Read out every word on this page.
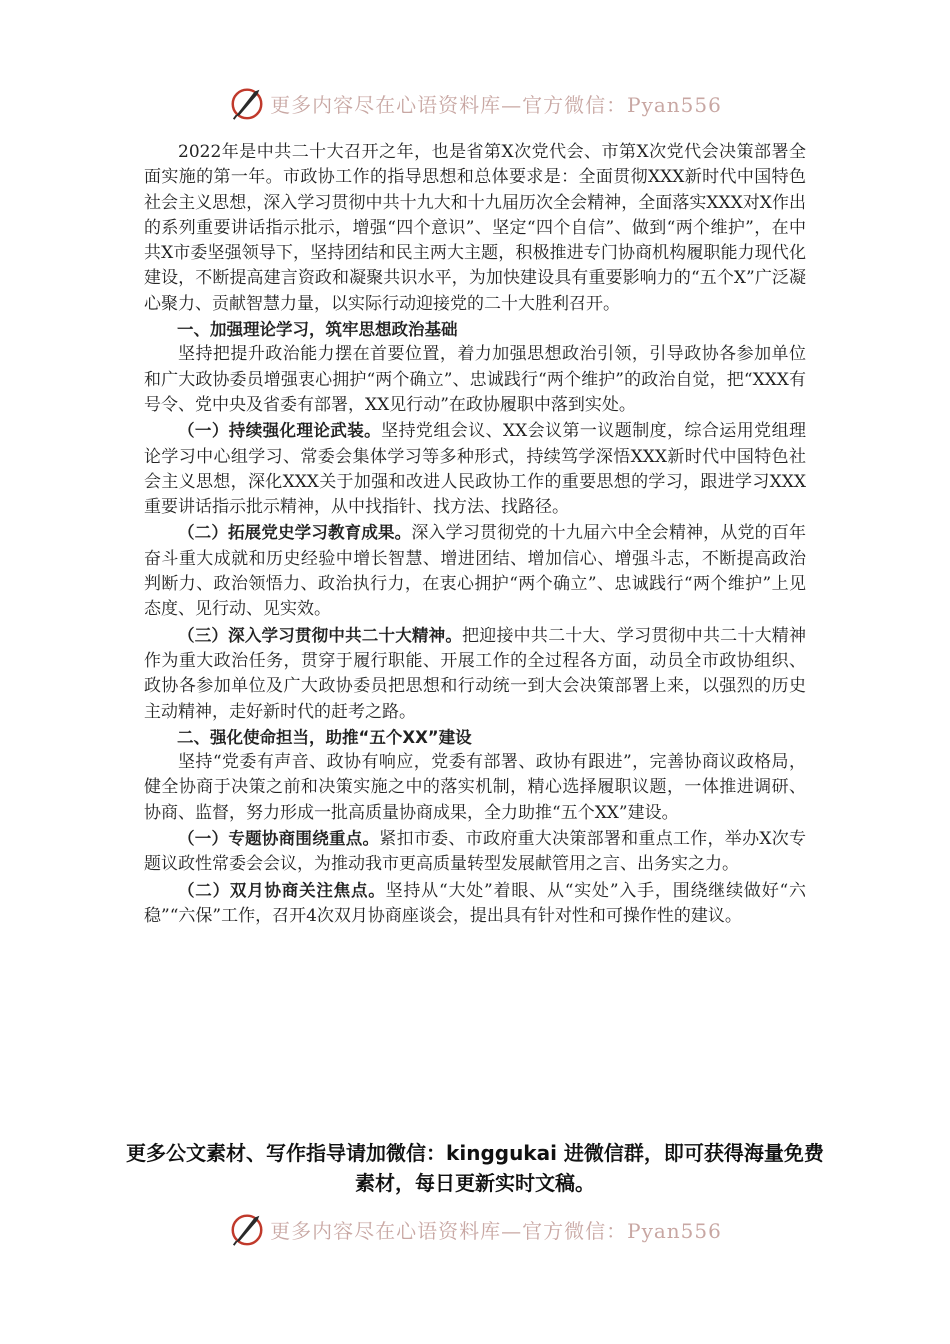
更多内容尽在心语资料库—官方微信：Pyan556

2022年是中共二十大召开之年，也是省第X次党代会、市第X次党代会决策部署全面实施的第一年。市政协工作的指导思想和总体要求是：全面贯彻XXX新时代中国特色社会主义思想，深入学习贯彻中共十九大和十九届历次全会精神，全面落实XXX对X作出的系列重要讲话指示批示，增强“四个意识”、坚定“四个自信”、做到“两个维护”，在中共X市委坚强领导下，坚持团结和民主两大主题，积极推进专门协商机构履职能力现代化建设，不断提高建言资政和凝聚共识水平，为加快建设具有重要影响力的“五个X”广泛凝心聚力、贡献智慧力量，以实际行动迎接党的二十大胜利召开。

一、加强理论学习，筑牢思想政治基础

坚持把提升政治能力摆在首要位置，着力加强思想政治引领，引导政协各参加单位和广大政协委员增强衷心拥护“两个确立”、忠诚践行“两个维护”的政治自觉，把“XXX有号令、党中央及省委有部署，XX见行动”在政协履职中落到实处。

（一）持续强化理论武装。坚持党组会议、XX会议第一议题制度，综合运用党组理论学习中心组学习、常委会集体学习等多种形式，持续笃学深悟XXX新时代中国特色社会主义思想，深化XXX关于加强和改进人民政协工作的重要思想的学习，跟进学习XXX重要讲话指示批示精神，从中找指针、找方法、找路径。

（二）拓展党史学习教育成果。深入学习贯彻党的十九届六中全会精神，从党的百年奋斗重大成就和历史经验中增长智慧、增进团结、增加信心、增强斗志，不断提高政治判断力、政治领悟力、政治执行力，在衷心拥护“两个确立”、忠诚践行“两个维护”上见态度、见行动、见实效。

（三）深入学习贯彻中共二十大精神。把迎接中共二十大、学习贯彻中共二十大精神作为重大政治任务，贯穿于履行职能、开展工作的全过程各方面，动员全市政协组织、政协各参加单位及广大政协委员把思想和行动统一到大会决策部署上来，以强烈的历史主动精神，走好新时代的赶考之路。

二、强化使命担当，助推“五个XX”建设

坚持“党委有声音、政协有响应，党委有部署、政协有跟进”，完善协商议政格局，健全协商于决策之前和决策实施之中的落实机制，精心选择履职议题，一体推进调研、协商、监督，努力形成一批高质量协商成果，全力助推“五个XX”建设。

（一）专题协商围绕重点。紧扣市委、市政府重大决策部署和重点工作，举办X次专题议政性常委会会议，为推动我市更高质量转型发展献管用之言、出务实之力。

（二）双月协商关注焦点。坚持从“大处”着眼、从“实处”入手，围绕继续做好“六稳”“六保”工作，召开4次双月协商座谈会，提出具有针对性和可操作性的建议。

更多公文素材、写作指导请加微信：kinggukai 进微信群，即可获得海量免费素材，每日更新实时文稿。
更多内容尽在心语资料库—官方微信：Pyan556
